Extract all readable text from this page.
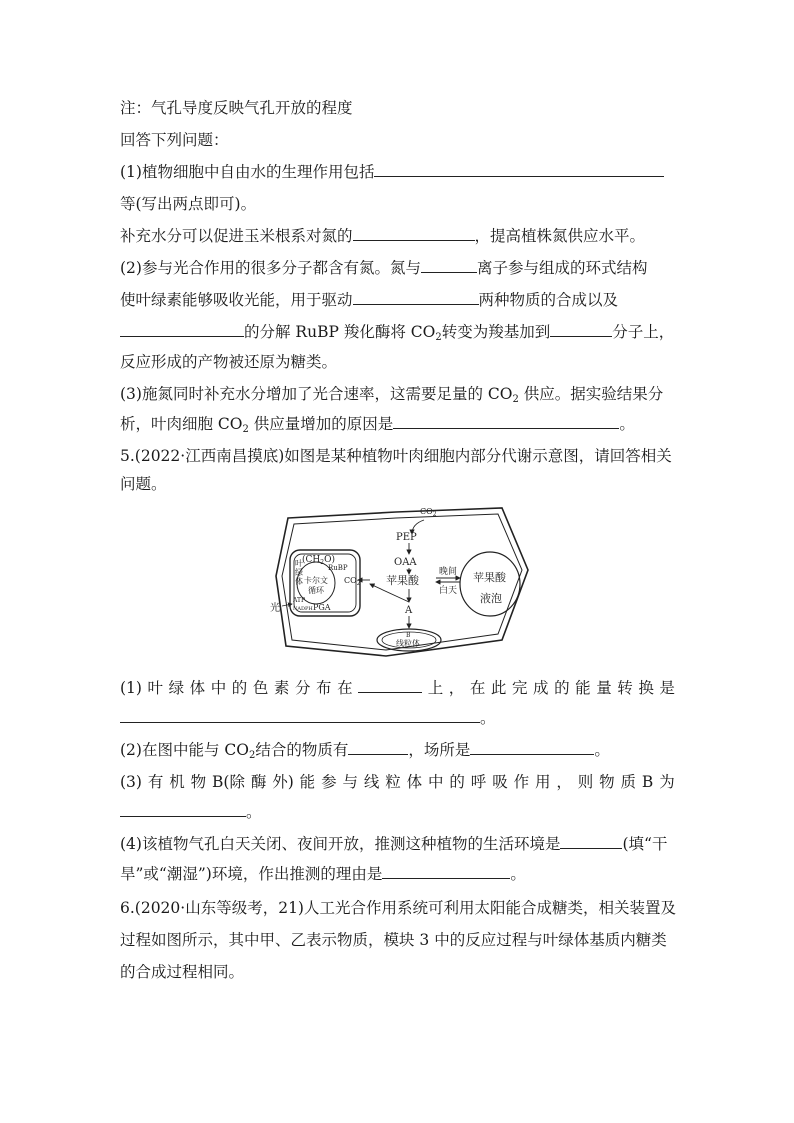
注：气孔导度反映气孔开放的程度
回答下列问题：
(1)植物细胞中自由水的生理作用包括
等(写出两点即可)。
补充水分可以促进玉米根系对氮的	，提高植株氮供应水平。
(2)参与光合作用的很多分子都含有氮。氮与	离子参与组成的环式结构
使叶绿素能够吸收光能，用于驱动	两种物质的合成以及
的分解 RuBP 羧化酶将 $CO_2$转变为羧基加到	分子上，
反应形成的产物被还原为糖类。
(3)施氮同时补充水分增加了光合速率，这需要足量的 $CO_2$ 供应。据实验结果分
析，叶肉细胞 $CO_2$ 供应量增加的原因是	。
5.(2022·江西南昌摸底)如图是某种植物叶肉细胞内部分代谢示意图，请回答相关
问题。
$(CH_2O)$
叶
绿
体
RuBP
卡尔文
循环
ATP
NADPH PGA
光
$CO_2$
$CO_2$
PEP
OAA
苹果酸
A
B
线粒体
晚间
白天
苹果酸
液泡
(1) 叶 绿 体 中 的 色 素 分 布 在	上 ， 在 此 完 成 的 能 量 转 换 是
。
(2)在图中能与 $CO_2$结合的物质有	，场所是	。
(3) 有 机 物 B(除 酶 外) 能 参 与 线 粒 体 中 的 呼 吸 作 用 ， 则 物 质 B 为
。
(4)该植物气孔白天关闭、夜间开放，推测这种植物的生活环境是	(填“干
旱”或“潮湿”)环境，作出推测的理由是	。
6.(2020·山东等级考，21)人工光合作用系统可利用太阳能合成糖类，相关装置及
过程如图所示，其中甲、乙表示物质，模块 3 中的反应过程与叶绿体基质内糖类
的合成过程相同。
